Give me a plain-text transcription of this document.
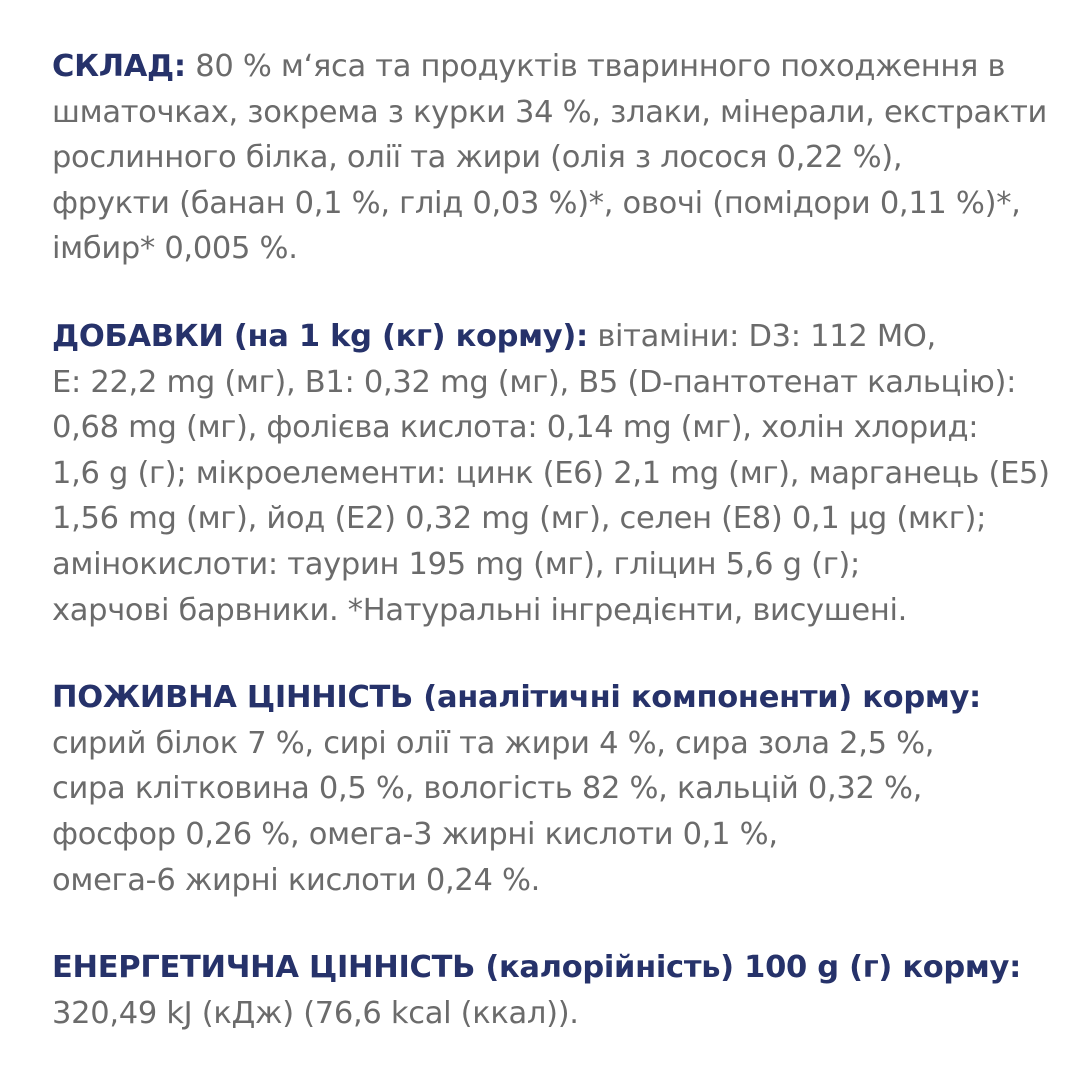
СКЛАД: 80 % м‘яса та продуктів тваринного походження в
шматочках, зокрема з курки 34 %, злаки, мінерали, екстракти
рослинного білка, олії та жири (олія з лосося 0,22 %),
фрукти (банан 0,1 %, глід 0,03 %)*, овочі (помідори 0,11 %)*,
імбир* 0,005 %.
ДОБАВКИ (на 1 kg (кг) корму): вітаміни: D3: 112 МО,
Е: 22,2 mg (мг), В1: 0,32 mg (мг), В5 (D-пантотенат кальцію):
0,68 mg (мг), фолієва кислота: 0,14 mg (мг), холін хлорид:
1,6 g (г); мікроелементи: цинк (Е6) 2,1 mg (мг), марганець (Е5)
1,56 mg (мг), йод (Е2) 0,32 mg (мг), селен (Е8) 0,1 µg (мкг);
амінокислоти: таурин 195 mg (мг), гліцин 5,6 g (г);
харчові барвники. *Натуральні інгредієнти, висушені.
ПОЖИВНА ЦІННІСТЬ (аналітичні компоненти) корму:
сирий білок 7 %, сирі олії та жири 4 %, сира зола 2,5 %,
сира клітковина 0,5 %, вологість 82 %, кальцій 0,32 %,
фосфор 0,26 %, омега-3 жирні кислоти 0,1 %,
омега-6 жирні кислоти 0,24 %.
ЕНЕРГЕТИЧНА ЦІННІСТЬ (калорійність) 100 g (г) корму:
320,49 kJ (кДж) (76,6 kcal (ккал)).
